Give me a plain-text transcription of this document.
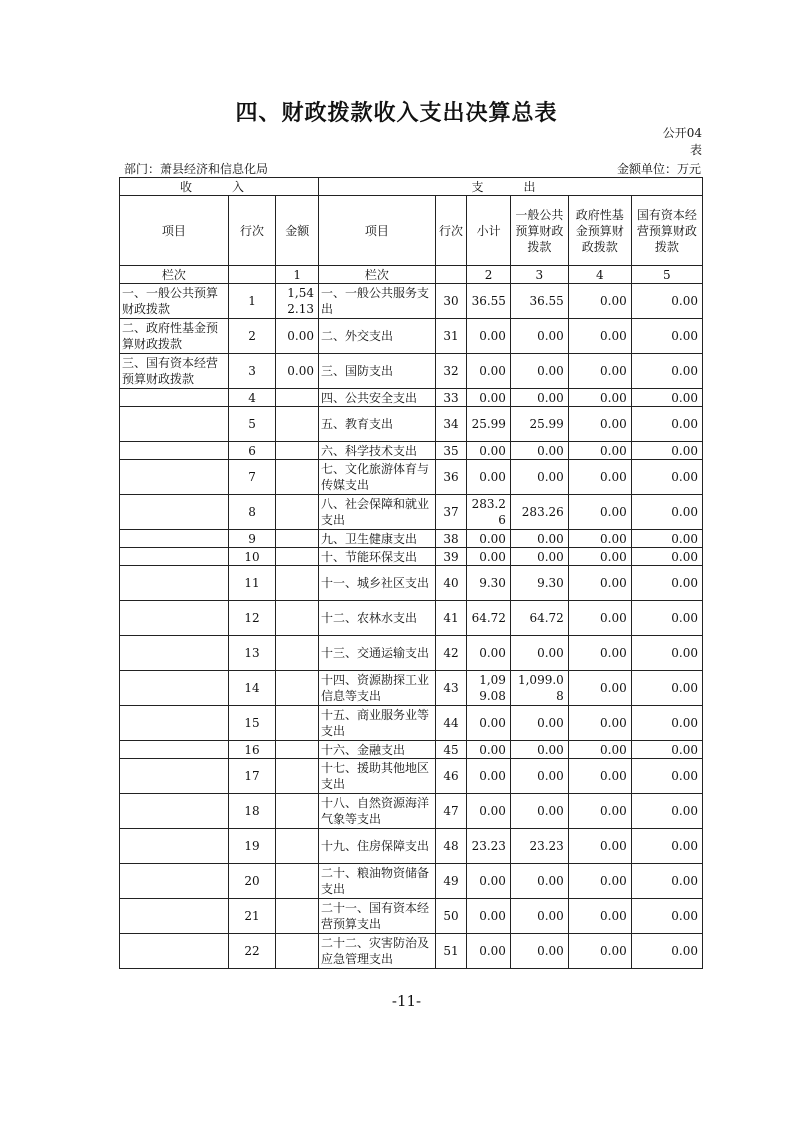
四、财政拨款收入支出决算总表
公开04表
部门：萧县经济和信息化局	金额单位：万元
收　入			支　出					
项目	行次	金额	项目	行次	小计	一般公共预算财政拨款	政府性基金预算财政拨款	国有资本经营预算财政拨款
栏次		1	栏次		2	3	4	5
一、一般公共预算财政拨款	1	1,542.13	一、一般公共服务支出	30	36.55	36.55	0.00	0.00
二、政府性基金预算财政拨款	2	0.00	二、外交支出	31	0.00	0.00	0.00	0.00
三、国有资本经营预算财政拨款	3	0.00	三、国防支出	32	0.00	0.00	0.00	0.00
	4		四、公共安全支出	33	0.00	0.00	0.00	0.00
	5		五、教育支出	34	25.99	25.99	0.00	0.00
	6		六、科学技术支出	35	0.00	0.00	0.00	0.00
	7		七、文化旅游体育与传媒支出	36	0.00	0.00	0.00	0.00
	8		八、社会保障和就业支出	37	283.26	283.26	0.00	0.00
	9		九、卫生健康支出	38	0.00	0.00	0.00	0.00
	10		十、节能环保支出	39	0.00	0.00	0.00	0.00
	11		十一、城乡社区支出	40	9.30	9.30	0.00	0.00
	12		十二、农林水支出	41	64.72	64.72	0.00	0.00
	13		十三、交通运输支出	42	0.00	0.00	0.00	0.00
	14		十四、资源勘探工业信息等支出	43	1,099.08	1,099.08	0.00	0.00
	15		十五、商业服务业等支出	44	0.00	0.00	0.00	0.00
	16		十六、金融支出	45	0.00	0.00	0.00	0.00
	17		十七、援助其他地区支出	46	0.00	0.00	0.00	0.00
	18		十八、自然资源海洋气象等支出	47	0.00	0.00	0.00	0.00
	19		十九、住房保障支出	48	23.23	23.23	0.00	0.00
	20		二十、粮油物资储备支出	49	0.00	0.00	0.00	0.00
	21		二十一、国有资本经营预算支出	50	0.00	0.00	0.00	0.00
	22		二十二、灾害防治及应急管理支出	51	0.00	0.00	0.00	0.00
-11-
